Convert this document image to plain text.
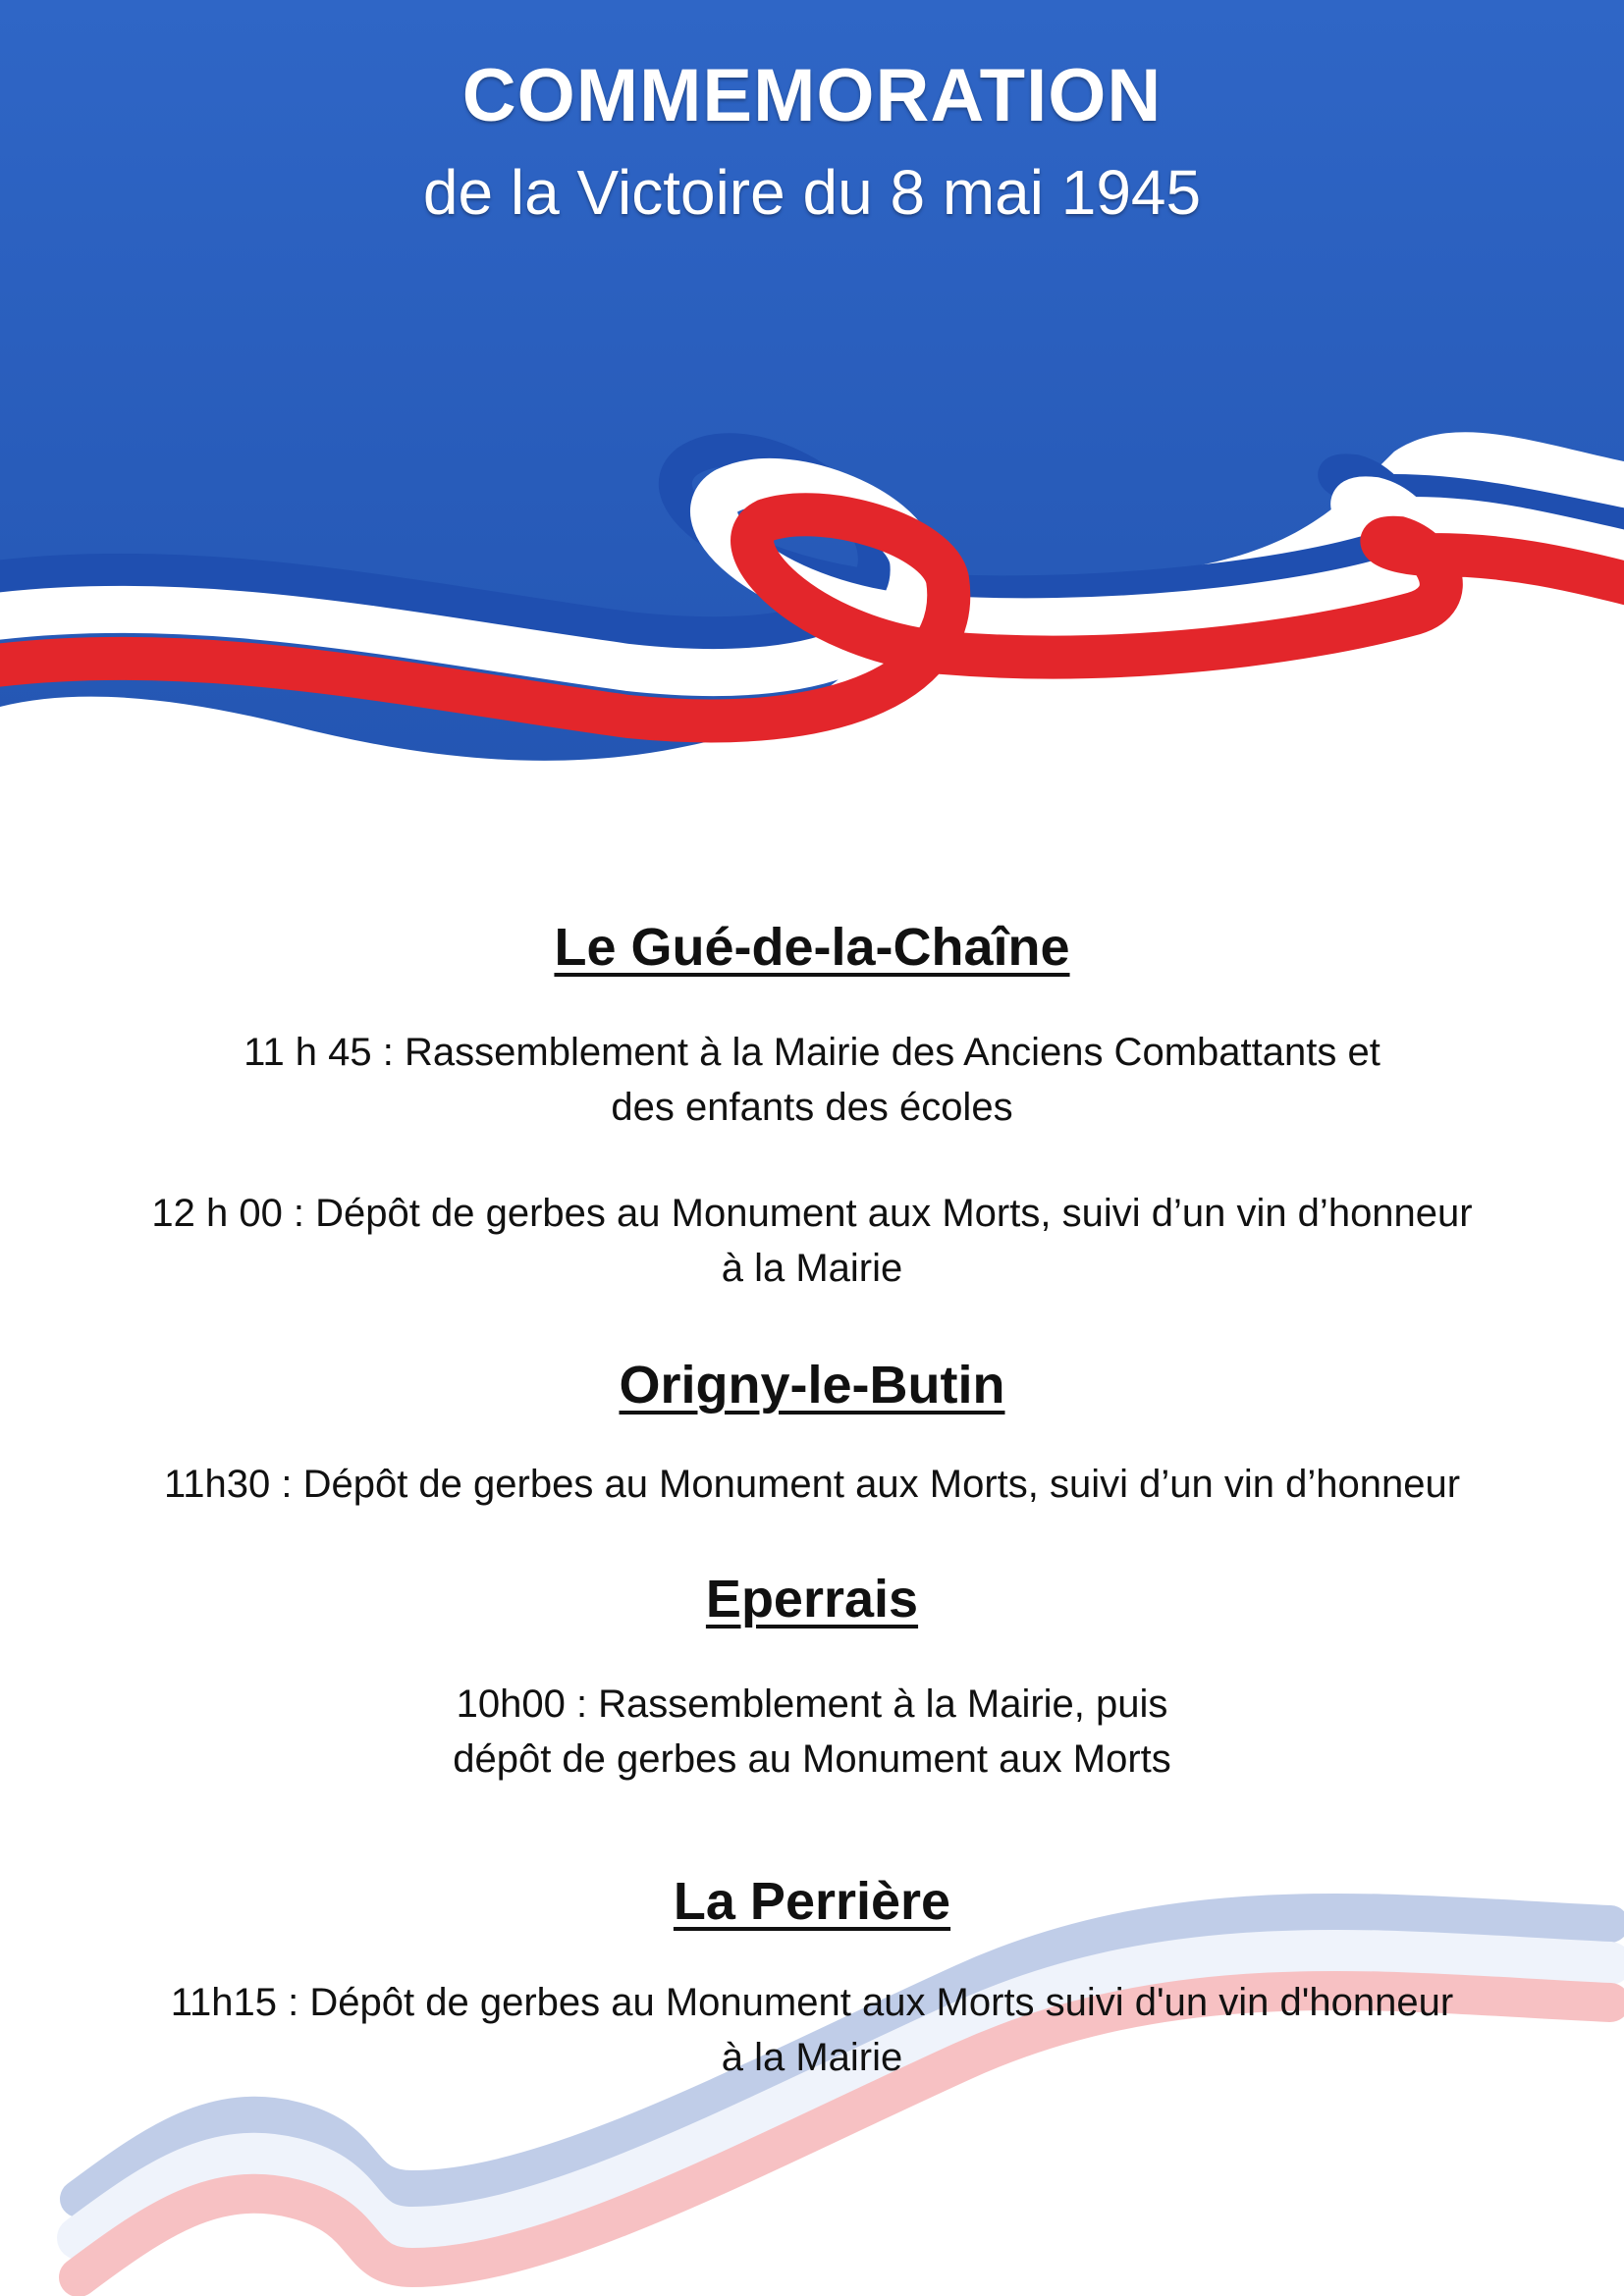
COMMEMORATION
de la Victoire du 8 mai 1945
Le Gué-de-la-Chaîne
11 h 45 : Rassemblement à la Mairie des Anciens Combattants et
des enfants des écoles
12 h 00 : Dépôt de gerbes au Monument aux Morts, suivi d’un vin d’honneur
à la Mairie
Origny-le-Butin
11h30 : Dépôt de gerbes au Monument aux Morts, suivi d’un vin d’honneur
Eperrais
10h00 : Rassemblement à la Mairie, puis
dépôt de gerbes au Monument aux Morts
La Perrière
11h15 : Dépôt de gerbes au Monument aux Morts suivi d'un vin d'honneur
à la Mairie
